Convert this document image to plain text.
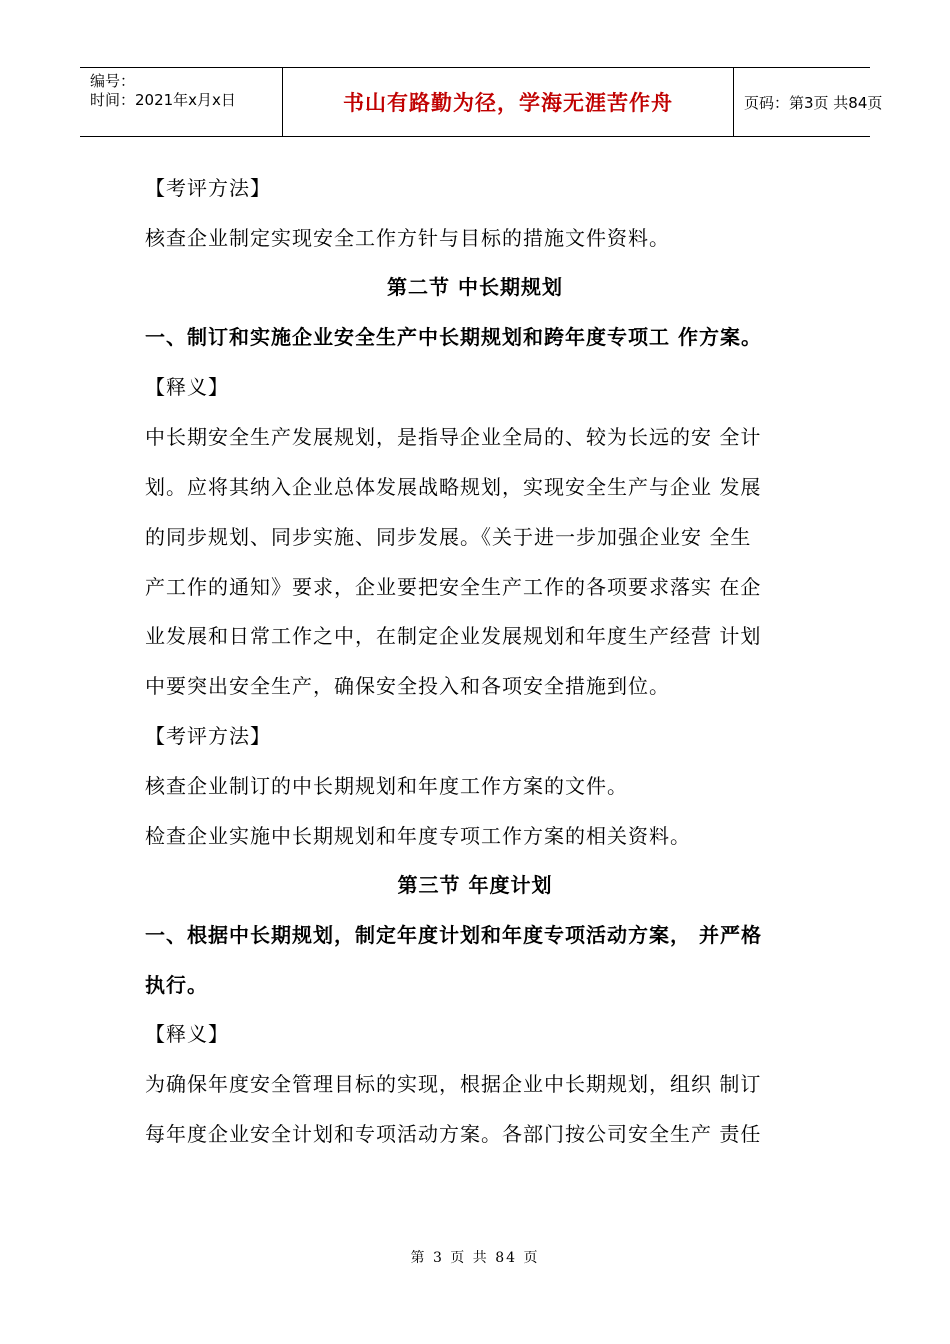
编号：
时间：2021年x月x日	书山有路勤为径，学海无涯苦作舟	页码：第3页 共84页
【考评方法】
核查企业制定实现安全工作方针与目标的措施文件资料。
第二节 中长期规划
一、制订和实施企业安全生产中长期规划和跨年度专项工 作方案。
【释义】
中长期安全生产发展规划，是指导企业全局的、较为长远的安 全计
划。应将其纳入企业总体发展战略规划，实现安全生产与企业 发展
的同步规划、同步实施、同步发展。《关于进一步加强企业安 全生
产工作的通知》要求，企业要把安全生产工作的各项要求落实 在企
业发展和日常工作之中，在制定企业发展规划和年度生产经营 计划
中要突出安全生产，确保安全投入和各项安全措施到位。
【考评方法】
核查企业制订的中长期规划和年度工作方案的文件。
检查企业实施中长期规划和年度专项工作方案的相关资料。
第三节 年度计划
一、根据中长期规划，制定年度计划和年度专项活动方案， 并严格
执行。
【释义】
为确保年度安全管理目标的实现，根据企业中长期规划，组织 制订
每年度企业安全计划和专项活动方案。各部门按公司安全生产 责任
第 3 页 共 84 页
